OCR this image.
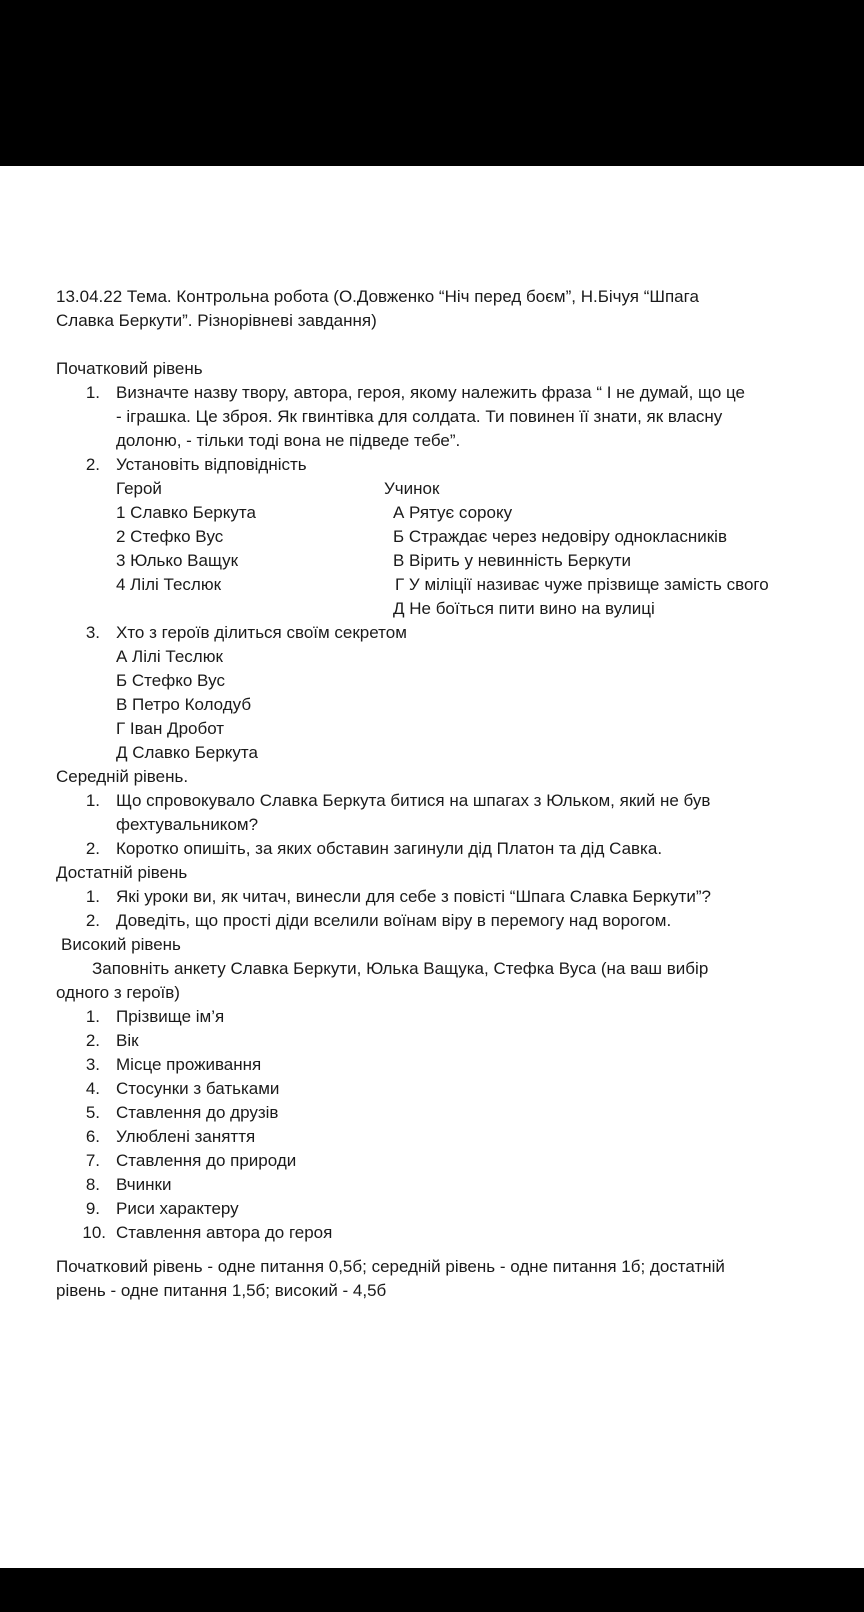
13.04.22 Тема. Контрольна робота (О.Довженко “Ніч перед боєм”, Н.Бічуя “Шпага
Славка Беркути”. Різнорівневі завдання)
Початковий рівень
1. Визначте назву твору, автора, героя, якому належить фраза “ І не думай, що це
- іграшка. Це зброя. Як гвинтівка для солдата. Ти повинен її знати, як власну
долоню, - тільки тоді вона не підведе тебе”.
2. Установіть відповідність
Герой	Учинок
1 Славко Беркута
2 Стефко Вус
3 Юлько Ващук
4 Лілі Теслюк
А Рятує сороку
Б Страждає через недовіру однокласників
В Вірить у невинність Беркути
Г У міліції називає чуже прізвище замість свого
Д Не боїться пити вино на вулиці
3. Хто з героїв ділиться своїм секретом
А Лілі Теслюк
Б Стефко Вус
В Петро Колодуб
Г Іван Дробот
Д Славко Беркута
Середній рівень.
1. Що спровокувало Славка Беркута битися на шпагах з Юльком, який не був
фехтувальником?
2. Коротко опишіть, за яких обставин загинули дід Платон та дід Савка.
Достатній рівень
1. Які уроки ви, як читач, винесли для себе з повісті “Шпага Славка Беркути”?
2. Доведіть, що прості діди вселили воїнам віру в перемогу над ворогом.
Високий рівень
Заповніть анкету Славка Беркути, Юлька Ващука, Стефка Вуса (на ваш вибір
одного з героїв)
1. Прізвище ім’я
2. Вік
3. Місце проживання
4. Стосунки з батьками
5. Ставлення до друзів
6. Улюблені заняття
7. Ставлення до природи
8. Вчинки
9. Риси характеру
10. Ставлення автора до героя
Початковий рівень - одне питання 0,5б; середній рівень - одне питання 1б; достатній
рівень - одне питання 1,5б; високий - 4,5б
